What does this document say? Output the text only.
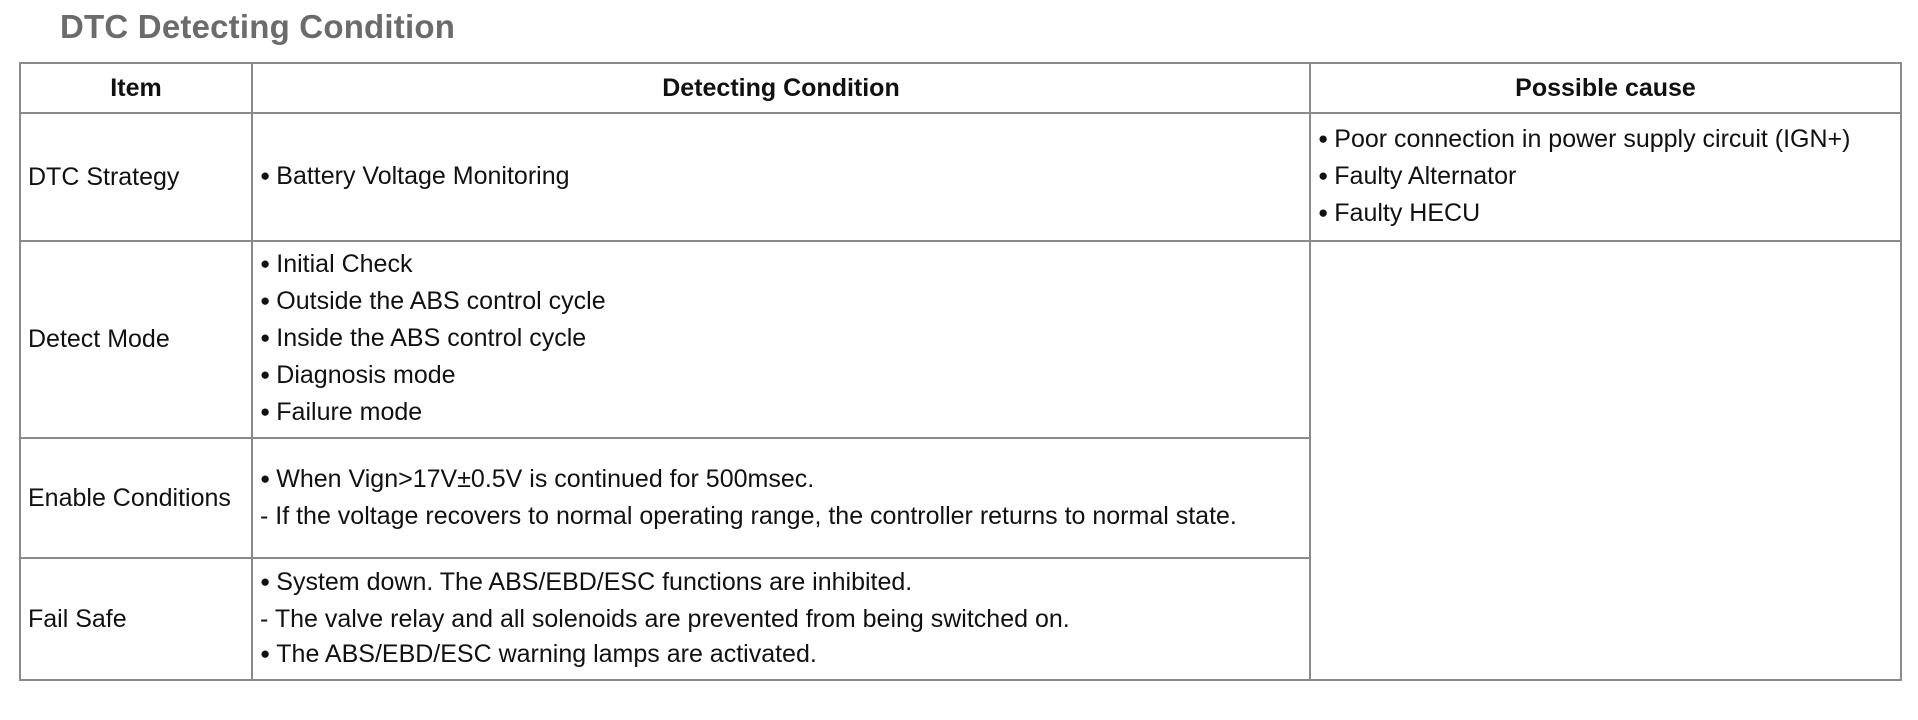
DTC Detecting Condition
Item	Detecting Condition	Possible cause
DTC Strategy	● Battery Voltage Monitoring	● Poor connection in power supply circuit (IGN+)
● Faulty Alternator
● Faulty HECU

Detect Mode	● Initial Check
● Outside the ABS control cycle
● Inside the ABS control cycle
● Diagnosis mode
● Failure mode

Enable Conditions	● When Vign>17V±0.5V is continued for 500msec.
- If the voltage recovers to normal operating range, the controller returns to normal state.

Fail Safe	● System down. The ABS/EBD/ESC functions are inhibited.
- The valve relay and all solenoids are prevented from being switched on.
● The ABS/EBD/ESC warning lamps are activated.
